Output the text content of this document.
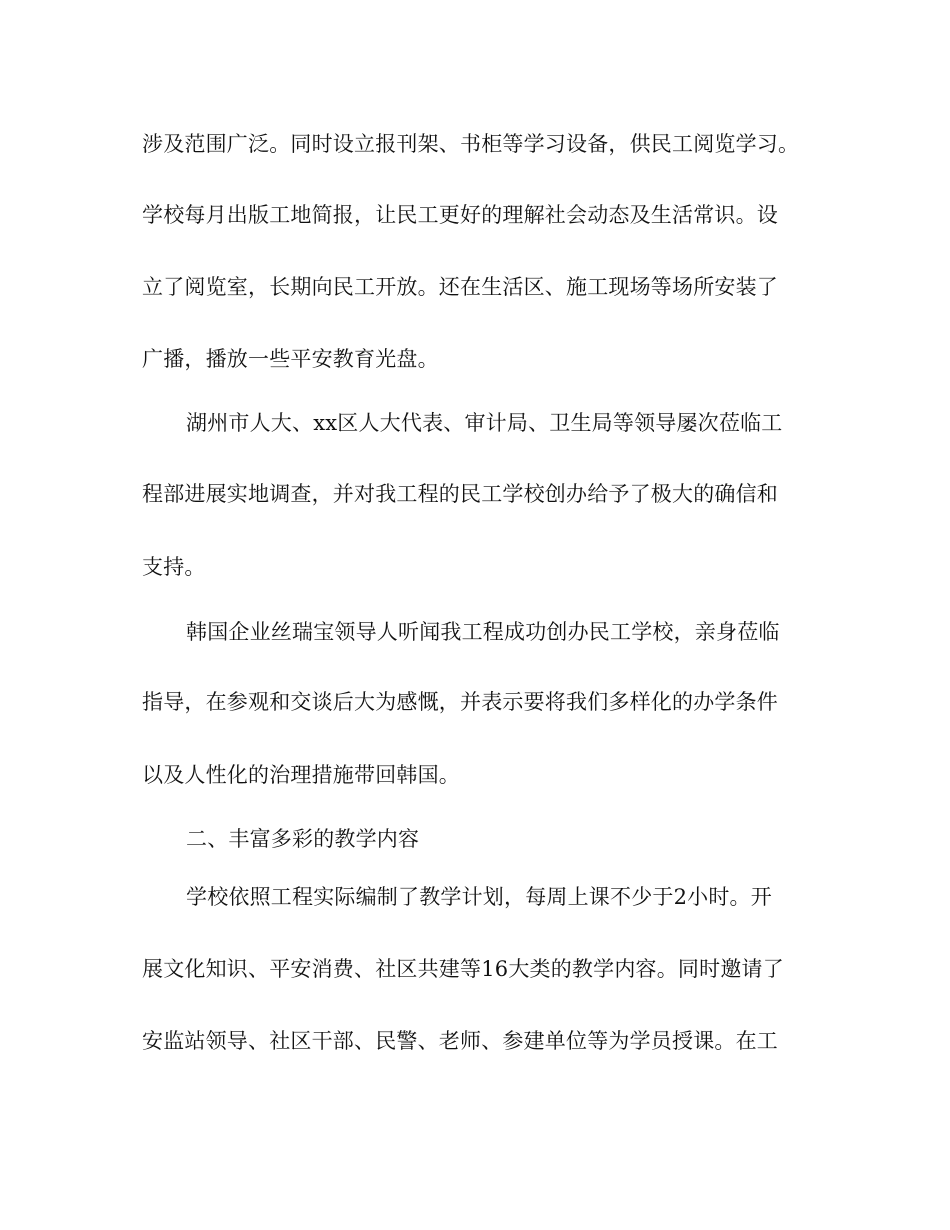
涉及范围广泛。同时设立报刊架、书柜等学习设备，供民工阅览学习。
学校每月出版工地简报，让民工更好的理解社会动态及生活常识。设
立了阅览室，长期向民工开放。还在生活区、施工现场等场所安装了
广播，播放一些平安教育光盘。
湖州市人大、xx区人大代表、审计局、卫生局等领导屡次莅临工
程部进展实地调查，并对我工程的民工学校创办给予了极大的确信和
支持。
韩国企业丝瑞宝领导人听闻我工程成功创办民工学校，亲身莅临
指导，在参观和交谈后大为感慨，并表示要将我们多样化的办学条件
以及人性化的治理措施带回韩国。
二、丰富多彩的教学内容
学校依照工程实际编制了教学计划，每周上课不少于2小时。开
展文化知识、平安消费、社区共建等16大类的教学内容。同时邀请了
安监站领导、社区干部、民警、老师、参建单位等为学员授课。在工
